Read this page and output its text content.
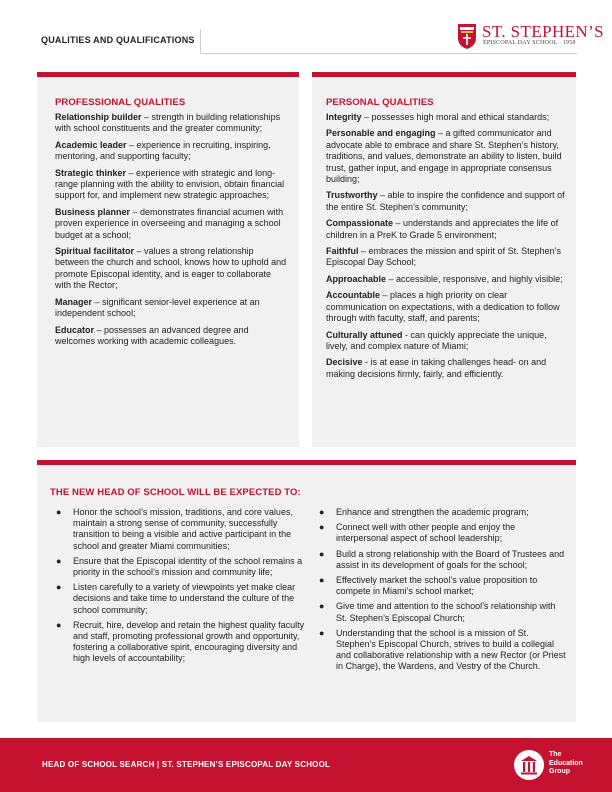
QUALITIES AND QUALIFICATIONS	ST. STEPHEN’S
EPISCOPAL DAY SCHOOL · 1958
PROFESSIONAL QUALITIES
Relationship builder – strength in building relationships with school constituents and the greater community;
Academic leader – experience in recruiting, inspiring, mentoring, and supporting faculty;
Strategic thinker – experience with strategic and long-range planning with the ability to envision, obtain financial support for, and implement new strategic approaches;
Business planner – demonstrates financial acumen with proven experience in overseeing and managing a school budget at a school;
Spiritual facilitator – values a strong relationship between the church and school, knows how to uphold and promote Episcopal identity, and is eager to collaborate with the Rector;
Manager – significant senior-level experience at an independent school;
Educator – possesses an advanced degree and welcomes working with academic colleagues.
PERSONAL QUALITIES
Integrity – possesses high moral and ethical standards;
Personable and engaging – a gifted communicator and advocate able to embrace and share St. Stephen’s history, traditions, and values, demonstrate an ability to listen, build trust, gather input, and engage in appropriate consensus building;
Trustworthy – able to inspire the confidence and support of the entire St. Stephen’s community;
Compassionate – understands and appreciates the life of children in a PreK to Grade 5 environment;
Faithful – embraces the mission and spirit of St. Stephen’s Episcopal Day School;
Approachable – accessible, responsive, and highly visible;
Accountable – places a high priority on clear communication on expectations, with a dedication to follow through with faculty, staff, and parents;
Culturally attuned - can quickly appreciate the unique, lively, and complex nature of Miami;
Decisive - is at ease in taking challenges head- on and making decisions firmly, fairly, and efficiently.
THE NEW HEAD OF SCHOOL WILL BE EXPECTED TO:
● Honor the school’s mission, traditions, and core values, maintain a strong sense of community, successfully transition to being a visible and active participant in the school and greater Miami communities;
● Ensure that the Episcopal identity of the school remains a priority in the school’s mission and community life;
● Listen carefully to a variety of viewpoints yet make clear decisions and take time to understand the culture of the school community;
● Recruit, hire, develop and retain the highest quality faculty and staff, promoting professional growth and opportunity, fostering a collaborative spirit, encouraging diversity and high levels of accountability;
● Enhance and strengthen the academic program;
● Connect well with other people and enjoy the interpersonal aspect of school leadership;
● Build a strong relationship with the Board of Trustees and assist in its development of goals for the school;
● Effectively market the school’s value proposition to compete in Miami’s school market;
● Give time and attention to the school’s relationship with St. Stephen’s Episcopal Church;
● Understanding that the school is a mission of St. Stephen’s Episcopal Church, strives to build a collegial and collaborative relationship with a new Rector (or Priest in Charge), the Wardens, and Vestry of the Church.
HEAD OF SCHOOL SEARCH | ST. STEPHEN’S EPISCOPAL DAY SCHOOL
The
Education
Group
